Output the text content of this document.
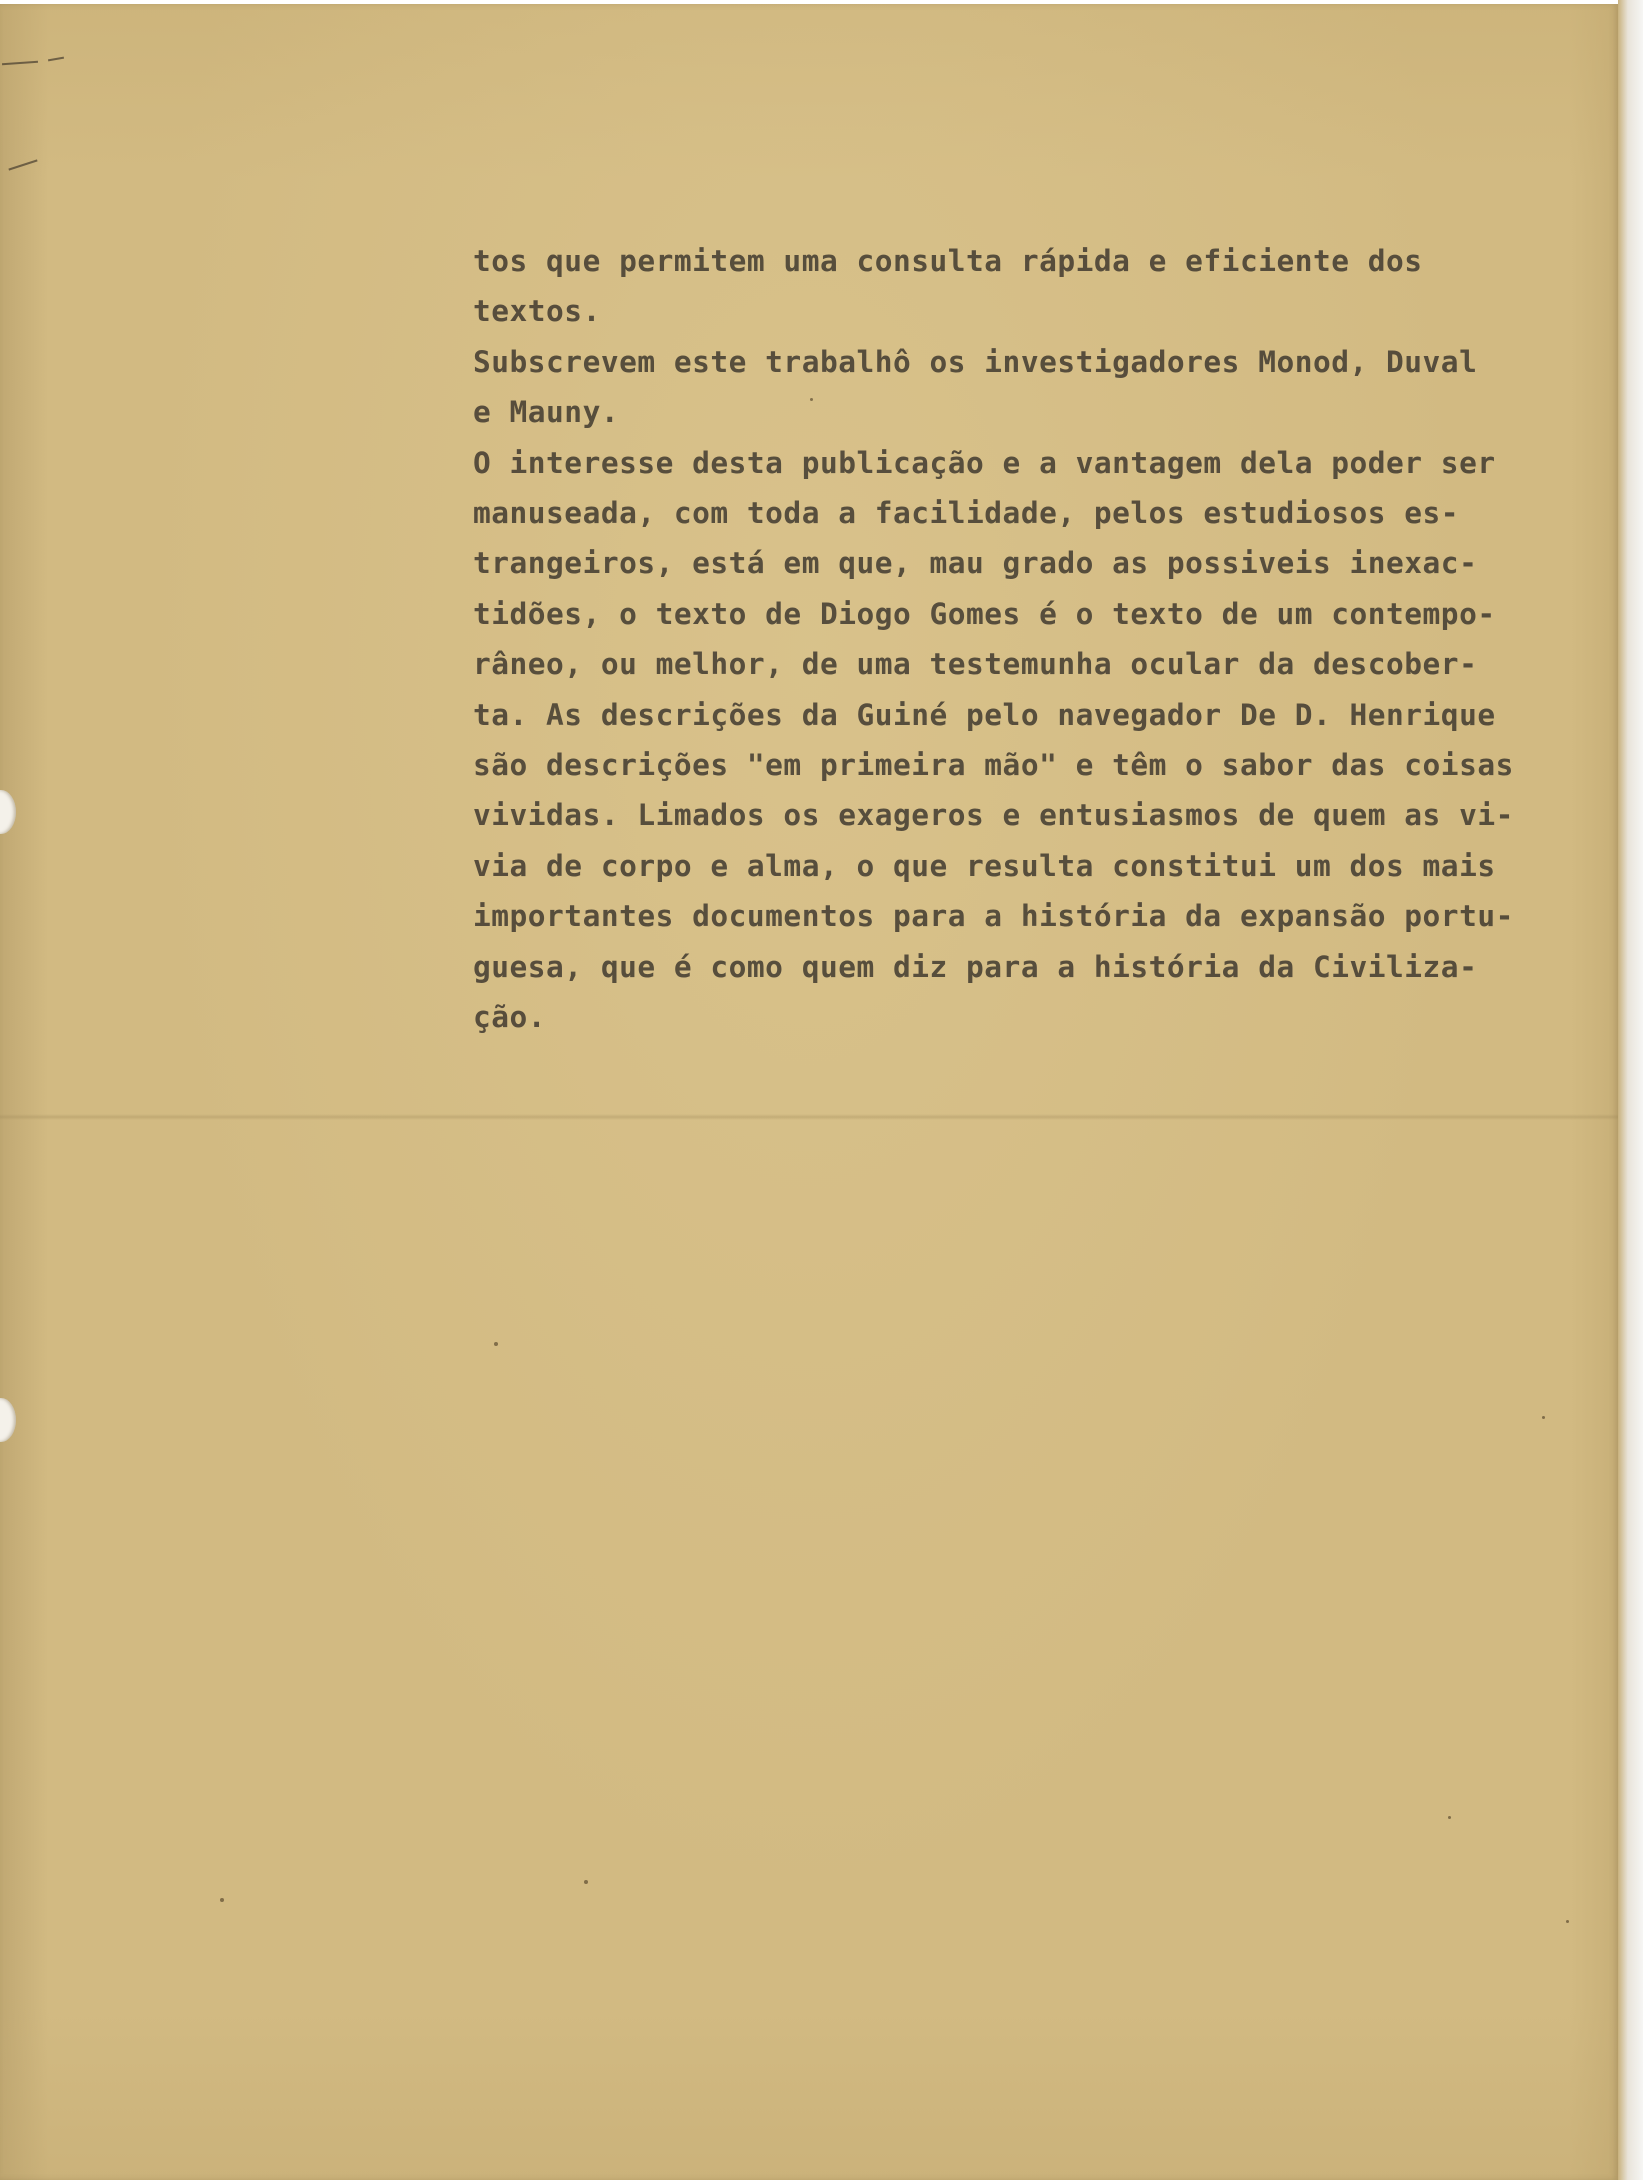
tos que permitem uma consulta rápida e eficiente dos
textos.
Subscrevem este trabalhô os investigadores Monod, Duval
e Mauny.
O interesse desta publicação e a vantagem dela poder ser
manuseada, com toda a facilidade, pelos estudiosos es-
trangeiros, está em que, mau grado as possiveis inexac-
tidões, o texto de Diogo Gomes é o texto de um contempo-
râneo, ou melhor, de uma testemunha ocular da descober-
ta. As descrições da Guiné pelo navegador De D. Henrique
são descrições "em primeira mão" e têm o sabor das coisas
vividas. Limados os exageros e entusiasmos de quem as vi-
via de corpo e alma, o que resulta constitui um dos mais
importantes documentos para a história da expansão portu-
guesa, que é como quem diz para a história da Civiliza-
ção.
